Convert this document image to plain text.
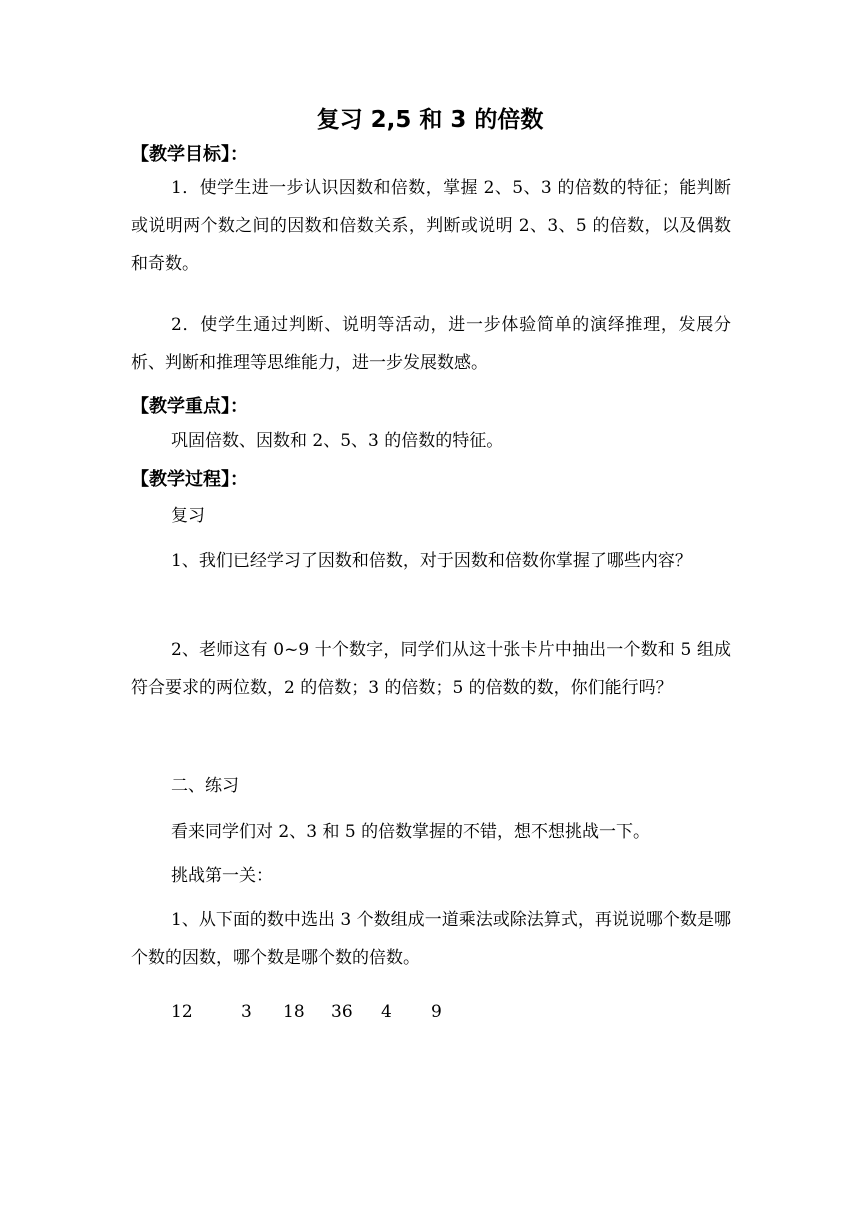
复习 2,5 和 3 的倍数
【教学目标】：

1．使学生进一步认识因数和倍数，掌握 2、5、3 的倍数的特征；能判断或说明两个数之间的因数和倍数关系，判断或说明 2、3、5 的倍数，以及偶数和奇数。

2．使学生通过判断、说明等活动，进一步体验简单的演绎推理，发展分析、判断和推理等思维能力，进一步发展数感。

【教学重点】：

巩固倍数、因数和 2、5、3 的倍数的特征。

【教学过程】：

复习

1、我们已经学习了因数和倍数，对于因数和倍数你掌握了哪些内容？

2、老师这有 0~9 十个数字，同学们从这十张卡片中抽出一个数和 5 组成符合要求的两位数，2 的倍数；3 的倍数；5 的倍数的数，你们能行吗？

二、练习

看来同学们对 2、3 和 5 的倍数掌握的不错，想不想挑战一下。

挑战第一关：

1、从下面的数中选出 3 个数组成一道乘法或除法算式，再说说哪个数是哪个数的因数，哪个数是哪个数的倍数。

12	3 18 36 4 9
